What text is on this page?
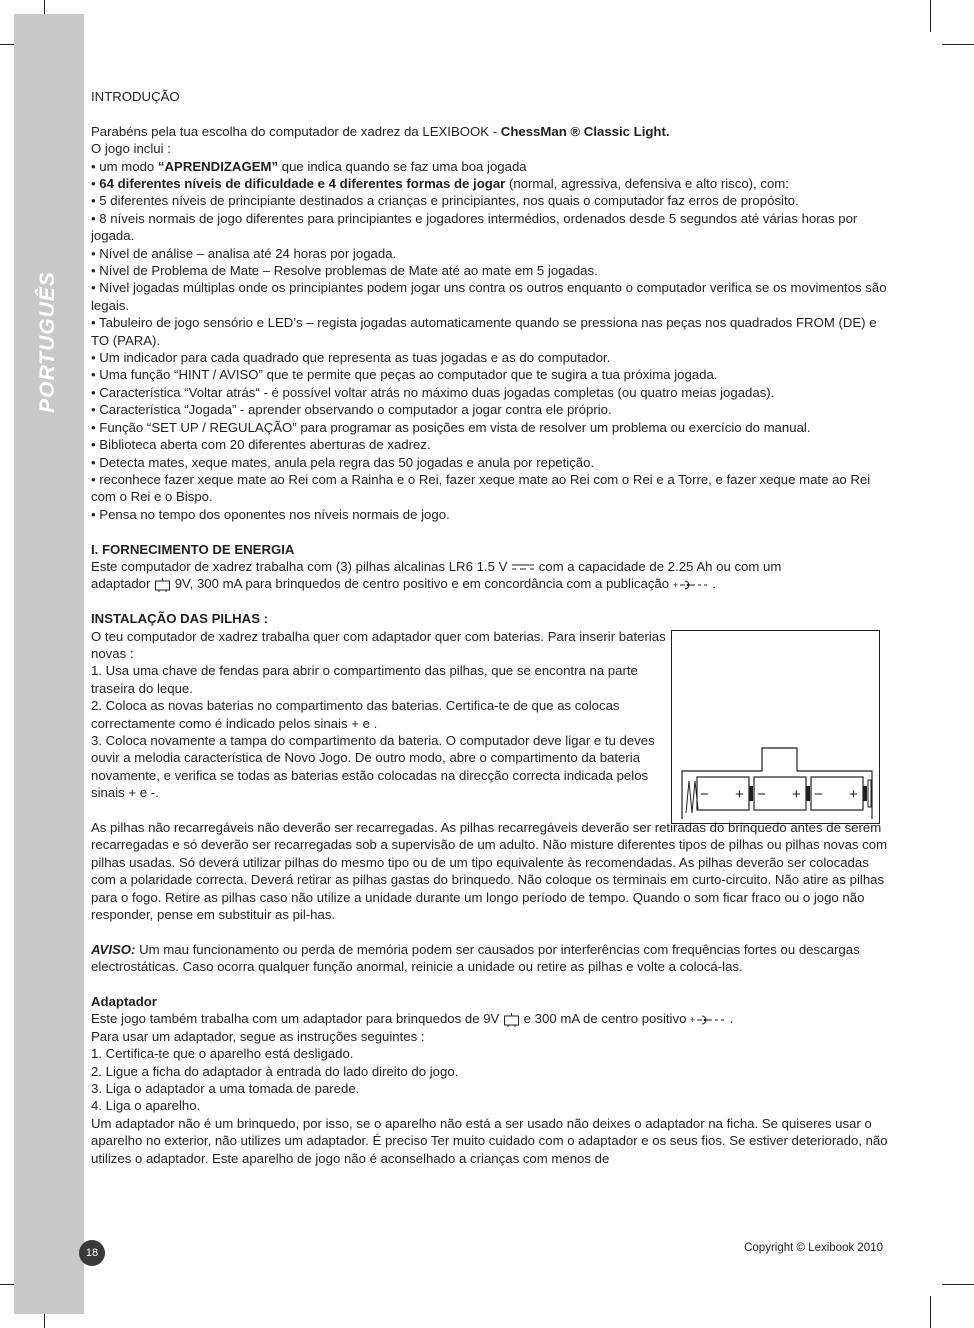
PORTUGUÊS

INTRODUÇÃO

Parabéns pela tua escolha do computador de xadrez da LEXIBOOK - ChessMan ® Classic Light.

O jogo inclui :

• um modo “APRENDIZAGEM” que indica quando se faz uma boa jogada

• 64 diferentes níveis de dificuldade e 4 diferentes formas de jogar (normal, agressiva, defensiva e alto risco), com:

• 5 diferentes níveis de principiante destinados a crianças e principiantes, nos quais o computador faz erros de propósito.

• 8 níveis normais de jogo diferentes para principiantes e jogadores intermédios, ordenados desde 5 segundos até várias horas por jogada.

• Nível de análise – analisa até 24 horas por jogada.

• Nível de Problema de Mate – Resolve problemas de Mate até ao mate em 5 jogadas.

• Nível jogadas múltiplas onde os principiantes podem jogar uns contra os outros enquanto o computador verifica se os movimentos são legais.

• Tabuleiro de jogo sensório e LED’s – regista jogadas automaticamente quando se pressiona nas peças nos quadrados FROM (DE) e TO (PARA).

• Um indicador para cada quadrado que representa as tuas jogadas e as do computador.

• Uma função “HINT / AVISO” que te permite que peças ao computador que te sugira a tua próxima jogada.

• Característica “Voltar atrás“ - é possível voltar atrás no máximo duas jogadas completas (ou quatro meias jogadas).

• Característica “Jogada” - aprender observando o computador a jogar contra ele próprio.

• Função “SET UP / REGULAÇÃO” para programar as posições em vista de resolver um problema ou exercício do manual.

• Biblioteca aberta com 20 diferentes aberturas de xadrez.

• Detecta mates, xeque mates, anula pela regra das 50 jogadas e anula por repetição.

• reconhece fazer xeque mate ao Rei com a Rainha e o Rei, fazer xeque mate ao Rei com o Rei e a Torre, e fazer xeque mate ao Rei com o Rei e o Bispo.

• Pensa no tempo dos oponentes nos níveis normais de jogo.

I. FORNECIMENTO DE ENERGIA

Este computador de xadrez trabalha com (3) pilhas alcalinas LR6 1.5 V  com a capacidade de 2.25 Ah ou com um

adaptador  9V, 300 mA para brinquedos de centro positivo e em concordância com a publicação + .

INSTALAÇÃO DAS PILHAS :

O teu computador de xadrez trabalha quer com adaptador quer com baterias. Para inserir baterias novas :

1. Usa uma chave de fendas para abrir o compartimento das pilhas, que se encontra na parte traseira do leque.

2. Coloca as novas baterias no compartimento das baterias. Certifica-te de que as colocas correctamente como é indicado pelos sinais + e .

3. Coloca novamente a tampa do compartimento da bateria. O computador deve ligar e tu deves ouvir a melodia característica de Novo Jogo. De outro modo, abre o compartimento da bateria novamente, e verifica se todas as baterias estão colocadas na direcção correcta indicada pelos sinais + e -.

As pilhas não recarregáveis não deverão ser recarregadas. As pilhas recarregáveis deverão ser retiradas do brinquedo antes de serem recarregadas e só deverão ser recarregadas sob a supervisão de um adulto. Não misture diferentes tipos de pilhas ou pilhas novas com pilhas usadas. Só deverá utilizar pilhas do mesmo tipo ou de um tipo equivalente às recomendadas. As pilhas deverão ser colocadas com a polaridade correcta. Deverá retirar as pilhas gastas do brinquedo. Não coloque os terminais em curto-circuito. Não atire as pilhas para o fogo. Retire as pilhas caso não utilize a unidade durante um longo período de tempo. Quando o som ficar fraco ou o jogo não responder, pense em substituir as pil-has.

AVISO: Um mau funcionamento ou perda de memória podem ser causados por interferências com frequências fortes ou descargas electrostáticas. Caso ocorra qualquer função anormal, reinicie a unidade ou retire as pilhas e volte a colocá-las.

Adaptador

Este jogo também trabalha com um adaptador para brinquedos de 9V  e 300 mA de centro positivo + .

Para usar um adaptador, segue as instruções seguintes :

1. Certifica-te que o aparelho está desligado.

2. Ligue a ficha do adaptador à entrada do lado direito do jogo.

3. Liga o adaptador a uma tomada de parede.

4. Liga o aparelho.

Um adaptador não é um brinquedo, por isso, se o aparelho não está a ser usado não deixes o adaptador na ficha. Se quiseres usar o aparelho no exterior, não utilizes um adaptador. É preciso Ter muito cuidado com o adaptador e os seus fios. Se estiver deteriorado, não utilizes o adaptador. Este aparelho de jogo não é aconselhado a crianças com menos de

− + − + − +
18	Copyright © Lexibook 2010
